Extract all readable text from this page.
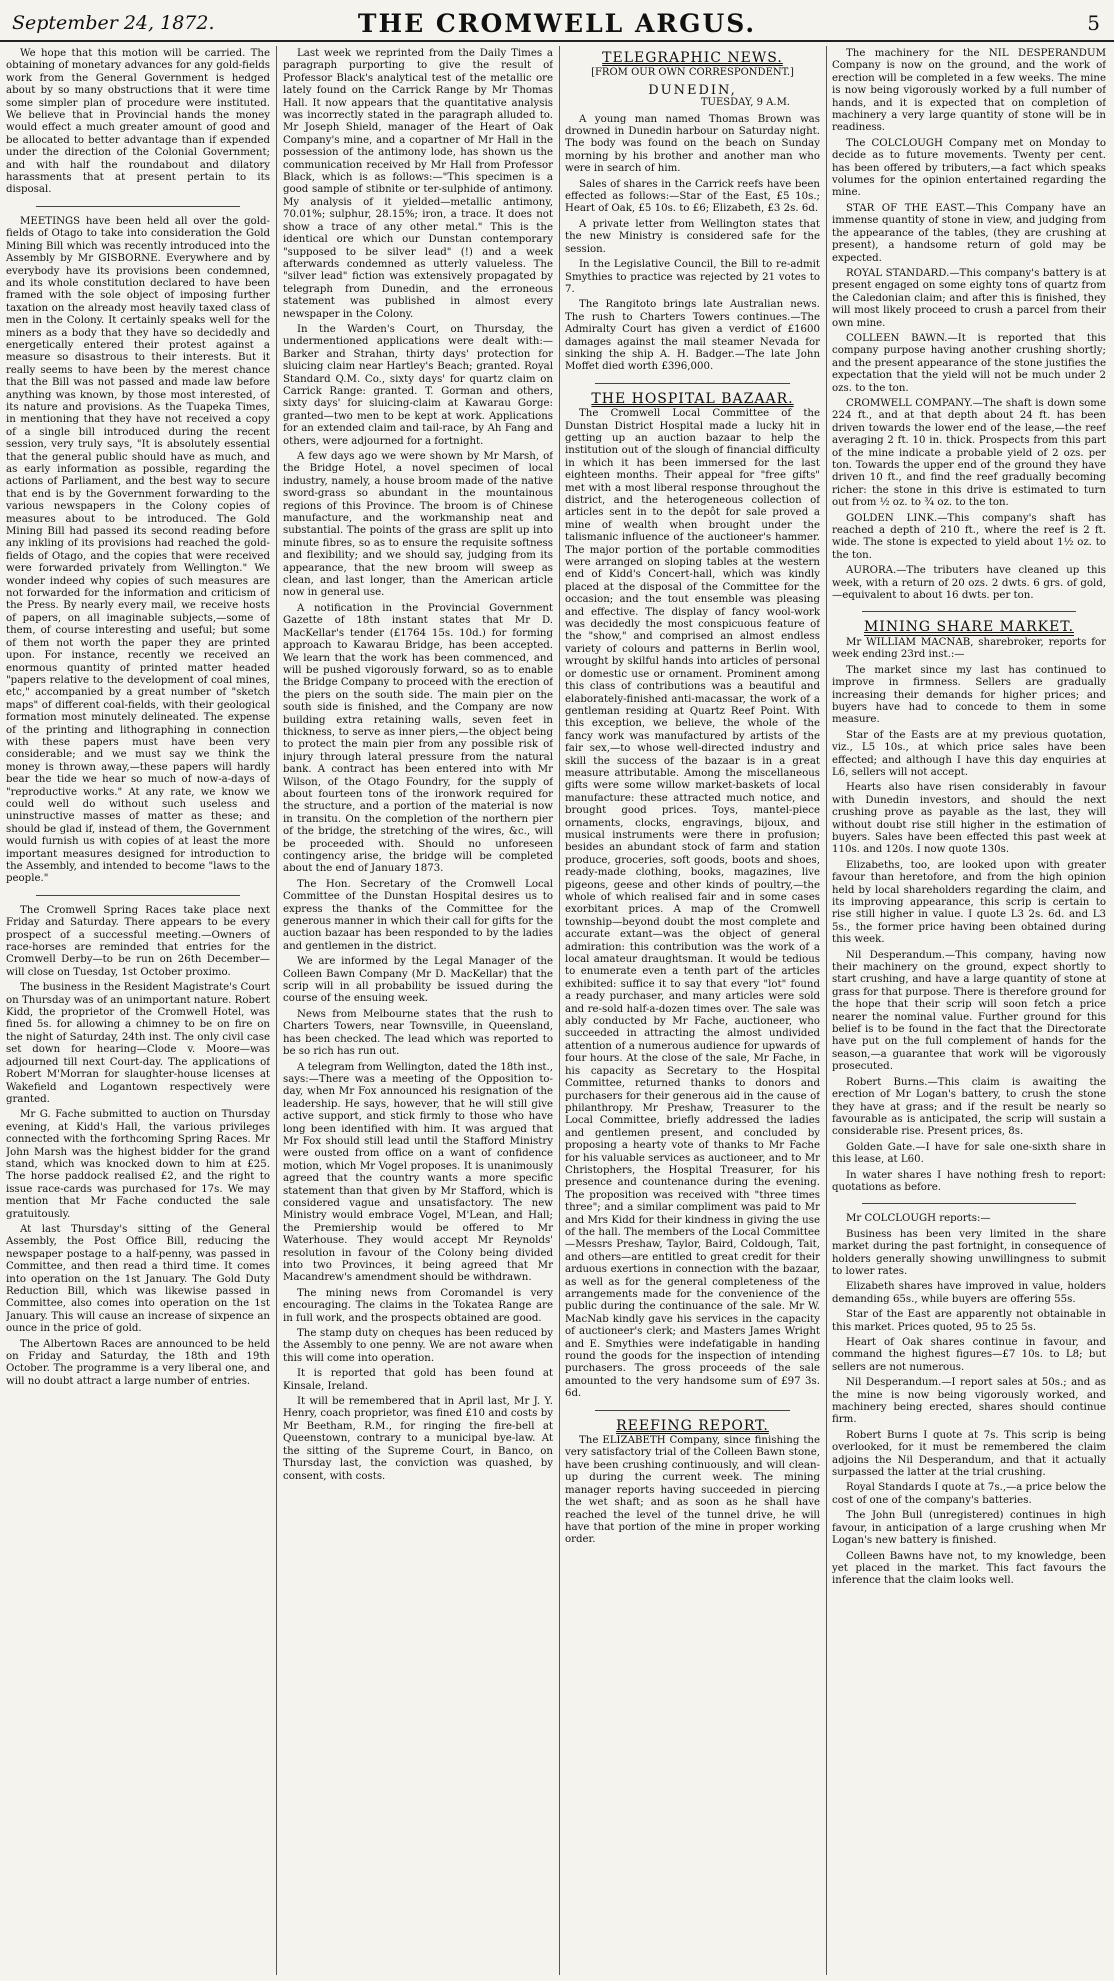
September 24, 1872.	THE CROMWELL ARGUS.	5

We hope that this motion will be carried. The obtaining of monetary advances for any gold-fields work from the General Government is hedged about by so many obstructions that it were time some simpler plan of procedure were instituted. We believe that in Provincial hands the money would effect a much greater amount of good and be allocated to better advantage than if expended under the direction of the Colonial Government; and with half the roundabout and dilatory harassments that at present pertain to its disposal.

MEETINGS have been held all over the gold-fields of Otago to take into consideration the Gold Mining Bill which was recently introduced into the Assembly by Mr GISBORNE. Everywhere and by everybody have its provisions been condemned, and its whole constitution declared to have been framed with the sole object of imposing further taxation on the already most heavily taxed class of men in the Colony. It certainly speaks well for the miners as a body that they have so decidedly and energetically entered their protest against a measure so disastrous to their interests. But it really seems to have been by the merest chance that the Bill was not passed and made law before anything was known, by those most interested, of its nature and provisions. As the Tuapeka Times, in mentioning that they have not received a copy of a single bill introduced during the recent session, very truly says, "It is absolutely essential that the general public should have as much, and as early information as possible, regarding the actions of Parliament, and the best way to secure that end is by the Government forwarding to the various newspapers in the Colony copies of measures about to be introduced. The Gold Mining Bill had passed its second reading before any inkling of its provisions had reached the gold-fields of Otago, and the copies that were received were forwarded privately from Wellington." We wonder indeed why copies of such measures are not forwarded for the information and criticism of the Press. By nearly every mail, we receive hosts of papers, on all imaginable subjects,—some of them, of course interesting and useful; but some of them not worth the paper they are printed upon. For instance, recently we received an enormous quantity of printed matter headed "papers relative to the development of coal mines, etc," accompanied by a great number of "sketch maps" of different coal-fields, with their geological formation most minutely delineated. The expense of the printing and lithographing in connection with these papers must have been very considerable; and we must say we think the money is thrown away,—these papers will hardly bear the tide we hear so much of now-a-days of "reproductive works." At any rate, we know we could well do without such useless and uninstructive masses of matter as these; and should be glad if, instead of them, the Government would furnish us with copies of at least the more important measures designed for introduction to the Assembly, and intended to become "laws to the people."

The Cromwell Spring Races take place next Friday and Saturday. There appears to be every prospect of a successful meeting.—Owners of race-horses are reminded that entries for the Cromwell Derby—to be run on 26th December—will close on Tuesday, 1st October proximo.

The business in the Resident Magistrate's Court on Thursday was of an unimportant nature. Robert Kidd, the proprietor of the Cromwell Hotel, was fined 5s. for allowing a chimney to be on fire on the night of Saturday, 24th inst. The only civil case set down for hearing—Clode v. Moore—was adjourned till next Court-day. The applications of Robert M'Morran for slaughter-house licenses at Wakefield and Logantown respectively were granted.

Mr G. Fache submitted to auction on Thursday evening, at Kidd's Hall, the various privileges connected with the forthcoming Spring Races. Mr John Marsh was the highest bidder for the grand stand, which was knocked down to him at £25. The horse paddock realised £2, and the right to issue race-cards was purchased for 17s. We may mention that Mr Fache conducted the sale gratuitously.

At last Thursday's sitting of the General Assembly, the Post Office Bill, reducing the newspaper postage to a half-penny, was passed in Committee, and then read a third time. It comes into operation on the 1st January. The Gold Duty Reduction Bill, which was likewise passed in Committee, also comes into operation on the 1st January. This will cause an increase of sixpence an ounce in the price of gold.

The Albertown Races are announced to be held on Friday and Saturday, the 18th and 19th October. The programme is a very liberal one, and will no doubt attract a large number of entries.

Last week we reprinted from the Daily Times a paragraph purporting to give the result of Professor Black's analytical test of the metallic ore lately found on the Carrick Range by Mr Thomas Hall. It now appears that the quantitative analysis was incorrectly stated in the paragraph alluded to. Mr Joseph Shield, manager of the Heart of Oak Company's mine, and a copartner of Mr Hall in the possession of the antimony lode, has shown us the communication received by Mr Hall from Professor Black, which is as follows:—"This specimen is a good sample of stibnite or ter-sulphide of antimony. My analysis of it yielded—metallic antimony, 70.01%; sulphur, 28.15%; iron, a trace. It does not show a trace of any other metal." This is the identical ore which our Dunstan contemporary "supposed to be silver lead" (!) and a week afterwards condemned as utterly valueless. The "silver lead" fiction was extensively propagated by telegraph from Dunedin, and the erroneous statement was published in almost every newspaper in the Colony.

In the Warden's Court, on Thursday, the undermentioned applications were dealt with:—Barker and Strahan, thirty days' protection for sluicing claim near Hartley's Beach; granted. Royal Standard Q.M. Co., sixty days' for quartz claim on Carrick Range: granted. T. Gorman and others, sixty days' for sluicing-claim at Kawarau Gorge: granted—two men to be kept at work. Applications for an extended claim and tail-race, by Ah Fang and others, were adjourned for a fortnight.

A few days ago we were shown by Mr Marsh, of the Bridge Hotel, a novel specimen of local industry, namely, a house broom made of the native sword-grass so abundant in the mountainous regions of this Province. The broom is of Chinese manufacture, and the workmanship neat and substantial. The points of the grass are split up into minute fibres, so as to ensure the requisite softness and flexibility; and we should say, judging from its appearance, that the new broom will sweep as clean, and last longer, than the American article now in general use.

A notification in the Provincial Government Gazette of 18th instant states that Mr D. MacKellar's tender (£1764 15s. 10d.) for forming approach to Kawarau Bridge, has been accepted. We learn that the work has been commenced, and will be pushed vigorously forward, so as to enable the Bridge Company to proceed with the erection of the piers on the south side. The main pier on the south side is finished, and the Company are now building extra retaining walls, seven feet in thickness, to serve as inner piers,—the object being to protect the main pier from any possible risk of injury through lateral pressure from the natural bank. A contract has been entered into with Mr Wilson, of the Otago Foundry, for the supply of about fourteen tons of the ironwork required for the structure, and a portion of the material is now in transitu. On the completion of the northern pier of the bridge, the stretching of the wires, &c., will be proceeded with. Should no unforeseen contingency arise, the bridge will be completed about the end of January 1873.

The Hon. Secretary of the Cromwell Local Committee of the Dunstan Hospital desires us to express the thanks of the Committee for the generous manner in which their call for gifts for the auction bazaar has been responded to by the ladies and gentlemen in the district.

We are informed by the Legal Manager of the Colleen Bawn Company (Mr D. MacKellar) that the scrip will in all probability be issued during the course of the ensuing week.

News from Melbourne states that the rush to Charters Towers, near Townsville, in Queensland, has been checked. The lead which was reported to be so rich has run out.

A telegram from Wellington, dated the 18th inst., says:—There was a meeting of the Opposition to-day, when Mr Fox announced his resignation of the leadership. He says, however, that he will still give active support, and stick firmly to those who have long been identified with him. It was argued that Mr Fox should still lead until the Stafford Ministry were ousted from office on a want of confidence motion, which Mr Vogel proposes. It is unanimously agreed that the country wants a more specific statement than that given by Mr Stafford, which is considered vague and unsatisfactory. The new Ministry would embrace Vogel, M'Lean, and Hall; the Premiership would be offered to Mr Waterhouse. They would accept Mr Reynolds' resolution in favour of the Colony being divided into two Provinces, it being agreed that Mr Macandrew's amendment should be withdrawn.

The mining news from Coromandel is very encouraging. The claims in the Tokatea Range are in full work, and the prospects obtained are good.

The stamp duty on cheques has been reduced by the Assembly to one penny. We are not aware when this will come into operation.

It is reported that gold has been found at Kinsale, Ireland.

It will be remembered that in April last, Mr J. Y. Henry, coach proprietor, was fined £10 and costs by Mr Beetham, R.M., for ringing the fire-bell at Queenstown, contrary to a municipal bye-law. At the sitting of the Supreme Court, in Banco, on Thursday last, the conviction was quashed, by consent, with costs.

TELEGRAPHIC NEWS.
[FROM OUR OWN CORRESPONDENT.]
DUNEDIN,
TUESDAY, 9 A.M.

A young man named Thomas Brown was drowned in Dunedin harbour on Saturday night. The body was found on the beach on Sunday morning by his brother and another man who were in search of him.

Sales of shares in the Carrick reefs have been effected as follows:—Star of the East, £5 10s.; Heart of Oak, £5 10s. to £6; Elizabeth, £3 2s. 6d.

A private letter from Wellington states that the new Ministry is considered safe for the session.

In the Legislative Council, the Bill to re-admit Smythies to practice was rejected by 21 votes to 7.

The Rangitoto brings late Australian news. The rush to Charters Towers continues.—The Admiralty Court has given a verdict of £1600 damages against the mail steamer Nevada for sinking the ship A. H. Badger.—The late John Moffet died worth £396,000.

THE HOSPITAL BAZAAR.

The Cromwell Local Committee of the Dunstan District Hospital made a lucky hit in getting up an auction bazaar to help the institution out of the slough of financial difficulty in which it has been immersed for the last eighteen months. Their appeal for "free gifts" met with a most liberal response throughout the district, and the heterogeneous collection of articles sent in to the depôt for sale proved a mine of wealth when brought under the talismanic influence of the auctioneer's hammer. The major portion of the portable commodities were arranged on sloping tables at the western end of Kidd's Concert-hall, which was kindly placed at the disposal of the Committee for the occasion; and the tout ensemble was pleasing and effective. The display of fancy wool-work was decidedly the most conspicuous feature of the "show," and comprised an almost endless variety of colours and patterns in Berlin wool, wrought by skilful hands into articles of personal or domestic use or ornament. Prominent among this class of contributions was a beautiful and elaborately-finished anti-macassar, the work of a gentleman residing at Quartz Reef Point. With this exception, we believe, the whole of the fancy work was manufactured by artists of the fair sex,—to whose well-directed industry and skill the success of the bazaar is in a great measure attributable. Among the miscellaneous gifts were some willow market-baskets of local manufacture: these attracted much notice, and brought good prices. Toys, mantel-piece ornaments, clocks, engravings, bijoux, and musical instruments were there in profusion; besides an abundant stock of farm and station produce, groceries, soft goods, boots and shoes, ready-made clothing, books, magazines, live pigeons, geese and other kinds of poultry,—the whole of which realised fair and in some cases exorbitant prices. A map of the Cromwell township—beyond doubt the most complete and accurate extant—was the object of general admiration: this contribution was the work of a local amateur draughtsman. It would be tedious to enumerate even a tenth part of the articles exhibited: suffice it to say that every "lot" found a ready purchaser, and many articles were sold and re-sold half-a-dozen times over. The sale was ably conducted by Mr Fache, auctioneer, who succeeded in attracting the almost undivided attention of a numerous audience for upwards of four hours. At the close of the sale, Mr Fache, in his capacity as Secretary to the Hospital Committee, returned thanks to donors and purchasers for their generous aid in the cause of philanthropy. Mr Preshaw, Treasurer to the Local Committee, briefly addressed the ladies and gentlemen present, and concluded by proposing a hearty vote of thanks to Mr Fache for his valuable services as auctioneer, and to Mr Christophers, the Hospital Treasurer, for his presence and countenance during the evening. The proposition was received with "three times three"; and a similar compliment was paid to Mr and Mrs Kidd for their kindness in giving the use of the hall. The members of the Local Committee—Messrs Preshaw, Taylor, Baird, Coldough, Tait, and others—are entitled to great credit for their arduous exertions in connection with the bazaar, as well as for the general completeness of the arrangements made for the convenience of the public during the continuance of the sale. Mr W. MacNab kindly gave his services in the capacity of auctioneer's clerk; and Masters James Wright and E. Smythies were indefatigable in handing round the goods for the inspection of intending purchasers. The gross proceeds of the sale amounted to the very handsome sum of £97 3s. 6d.

REEFING REPORT.

The ELIZABETH Company, since finishing the very satisfactory trial of the Colleen Bawn stone, have been crushing continuously, and will clean-up during the current week. The mining manager reports having succeeded in piercing the wet shaft; and as soon as he shall have reached the level of the tunnel drive, he will have that portion of the mine in proper working order.

The machinery for the NIL DESPERANDUM Company is now on the ground, and the work of erection will be completed in a few weeks. The mine is now being vigorously worked by a full number of hands, and it is expected that on completion of machinery a very large quantity of stone will be in readiness.

The COLCLOUGH Company met on Monday to decide as to future movements. Twenty per cent. has been offered by tributers,—a fact which speaks volumes for the opinion entertained regarding the mine.

STAR OF THE EAST.—This Company have an immense quantity of stone in view, and judging from the appearance of the tables, (they are crushing at present), a handsome return of gold may be expected.

ROYAL STANDARD.—This company's battery is at present engaged on some eighty tons of quartz from the Caledonian claim; and after this is finished, they will most likely proceed to crush a parcel from their own mine.

COLLEEN BAWN.—It is reported that this company purpose having another crushing shortly; and the present appearance of the stone justifies the expectation that the yield will not be much under 2 ozs. to the ton.

CROMWELL COMPANY.—The shaft is down some 224 ft., and at that depth about 24 ft. has been driven towards the lower end of the lease,—the reef averaging 2 ft. 10 in. thick. Prospects from this part of the mine indicate a probable yield of 2 ozs. per ton. Towards the upper end of the ground they have driven 10 ft., and find the reef gradually becoming richer: the stone in this drive is estimated to turn out from ½ oz. to ¾ oz. to the ton.

GOLDEN LINK.—This company's shaft has reached a depth of 210 ft., where the reef is 2 ft. wide. The stone is expected to yield about 1½ oz. to the ton.

AURORA.—The tributers have cleaned up this week, with a return of 20 ozs. 2 dwts. 6 grs. of gold,—equivalent to about 16 dwts. per ton.

MINING SHARE MARKET.

Mr WILLIAM MACNAB, sharebroker, reports for week ending 23rd inst.:—

The market since my last has continued to improve in firmness. Sellers are gradually increasing their demands for higher prices; and buyers have had to concede to them in some measure.

Star of the Easts are at my previous quotation, viz., L5 10s., at which price sales have been effected; and although I have this day enquiries at L6, sellers will not accept.

Hearts also have risen considerably in favour with Dunedin investors, and should the next crushing prove as payable as the last, they will without doubt rise still higher in the estimation of buyers. Sales have been effected this past week at 110s. and 120s. I now quote 130s.

Elizabeths, too, are looked upon with greater favour than heretofore, and from the high opinion held by local shareholders regarding the claim, and its improving appearance, this scrip is certain to rise still higher in value. I quote L3 2s. 6d. and L3 5s., the former price having been obtained during this week.

Nil Desperandum.—This company, having now their machinery on the ground, expect shortly to start crushing, and have a large quantity of stone at grass for that purpose. There is therefore ground for the hope that their scrip will soon fetch a price nearer the nominal value. Further ground for this belief is to be found in the fact that the Directorate have put on the full complement of hands for the season,—a guarantee that work will be vigorously prosecuted.

Robert Burns.—This claim is awaiting the erection of Mr Logan's battery, to crush the stone they have at grass; and if the result be nearly so favourable as is anticipated, the scrip will sustain a considerable rise. Present prices, 8s.

Golden Gate.—I have for sale one-sixth share in this lease, at L60.

In water shares I have nothing fresh to report: quotations as before.

Mr COLCLOUGH reports:—

Business has been very limited in the share market during the past fortnight, in consequence of holders generally showing unwillingness to submit to lower rates.

Elizabeth shares have improved in value, holders demanding 65s., while buyers are offering 55s.

Star of the East are apparently not obtainable in this market. Prices quoted, 95 to 25 5s.

Heart of Oak shares continue in favour, and command the highest figures—£7 10s. to L8; but sellers are not numerous.

Nil Desperandum.—I report sales at 50s.; and as the mine is now being vigorously worked, and machinery being erected, shares should continue firm.

Robert Burns I quote at 7s. This scrip is being overlooked, for it must be remembered the claim adjoins the Nil Desperandum, and that it actually surpassed the latter at the trial crushing.

Royal Standards I quote at 7s.,—a price below the cost of one of the company's batteries.

The John Bull (unregistered) continues in high favour, in anticipation of a large crushing when Mr Logan's new battery is finished.

Colleen Bawns have not, to my knowledge, been yet placed in the market. This fact favours the inference that the claim looks well.
